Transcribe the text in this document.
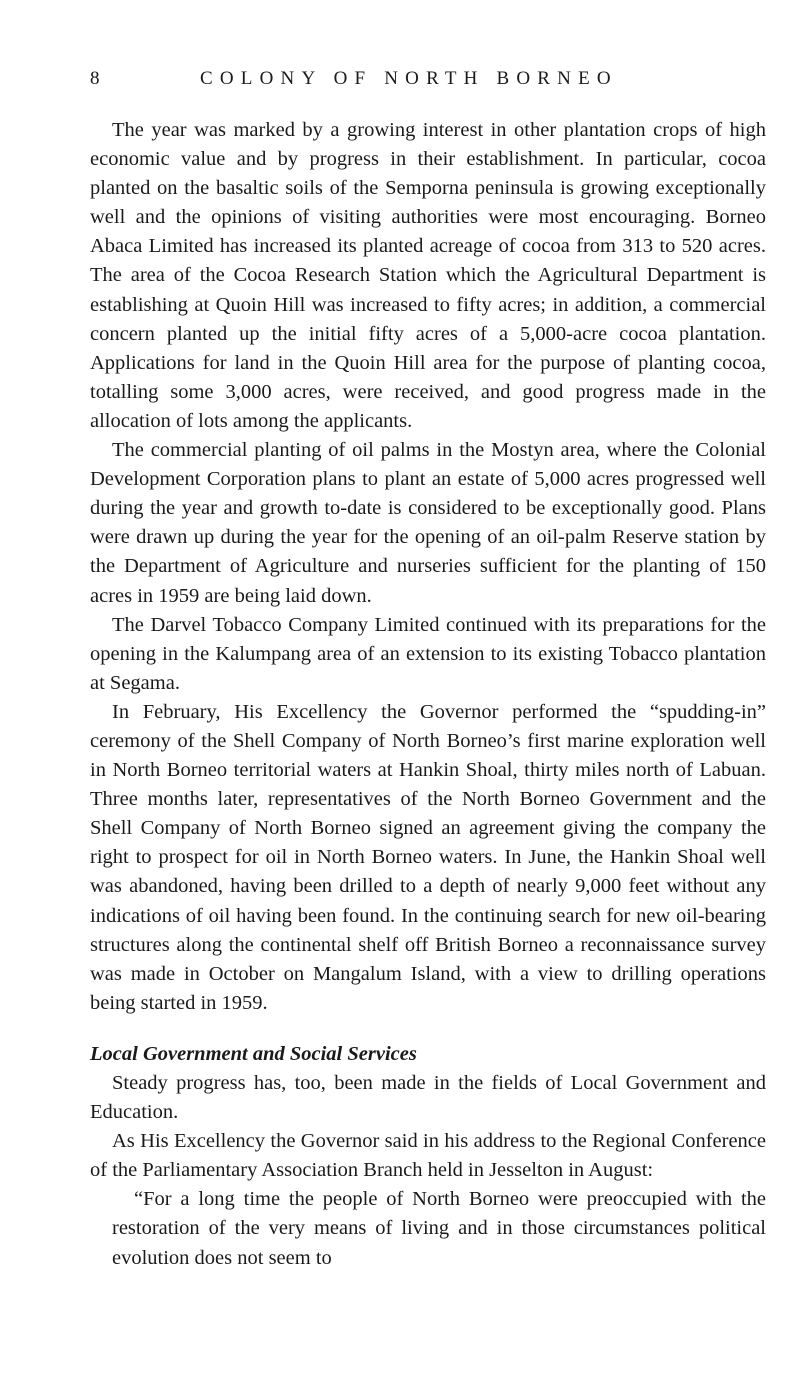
8	COLONY OF NORTH BORNEO

The year was marked by a growing interest in other plantation crops of high economic value and by progress in their establishment. In particular, cocoa planted on the basaltic soils of the Semporna peninsula is growing exceptionally well and the opinions of visiting authorities were most encouraging. Borneo Abaca Limited has increased its planted acreage of cocoa from 313 to 520 acres. The area of the Cocoa Research Station which the Agricultural Department is establishing at Quoin Hill was increased to fifty acres; in addition, a commercial concern planted up the initial fifty acres of a 5,000-acre cocoa plantation. Applications for land in the Quoin Hill area for the purpose of planting cocoa, totalling some 3,000 acres, were received, and good progress made in the allocation of lots among the applicants.

The commercial planting of oil palms in the Mostyn area, where the Colonial Development Corporation plans to plant an estate of 5,000 acres progressed well during the year and growth to-date is considered to be exceptionally good. Plans were drawn up during the year for the opening of an oil-palm Reserve station by the Department of Agriculture and nurseries sufficient for the planting of 150 acres in 1959 are being laid down.

The Darvel Tobacco Company Limited continued with its preparations for the opening in the Kalumpang area of an extension to its existing Tobacco plantation at Segama.

In February, His Excellency the Governor performed the “spudding-in” ceremony of the Shell Company of North Borneo’s first marine exploration well in North Borneo territorial waters at Hankin Shoal, thirty miles north of Labuan. Three months later, representatives of the North Borneo Government and the Shell Company of North Borneo signed an agreement giving the company the right to prospect for oil in North Borneo waters. In June, the Hankin Shoal well was abandoned, having been drilled to a depth of nearly 9,000 feet without any indications of oil having been found. In the continuing search for new oil-bearing structures along the continental shelf off British Borneo a reconnaissance survey was made in October on Mangalum Island, with a view to drilling operations being started in 1959.

Local Government and Social Services

Steady progress has, too, been made in the fields of Local Government and Education.

As His Excellency the Governor said in his address to the Regional Conference of the Parliamentary Association Branch held in Jesselton in August:

“For a long time the people of North Borneo were preoccupied with the restoration of the very means of living and in those circumstances political evolution does not seem to
